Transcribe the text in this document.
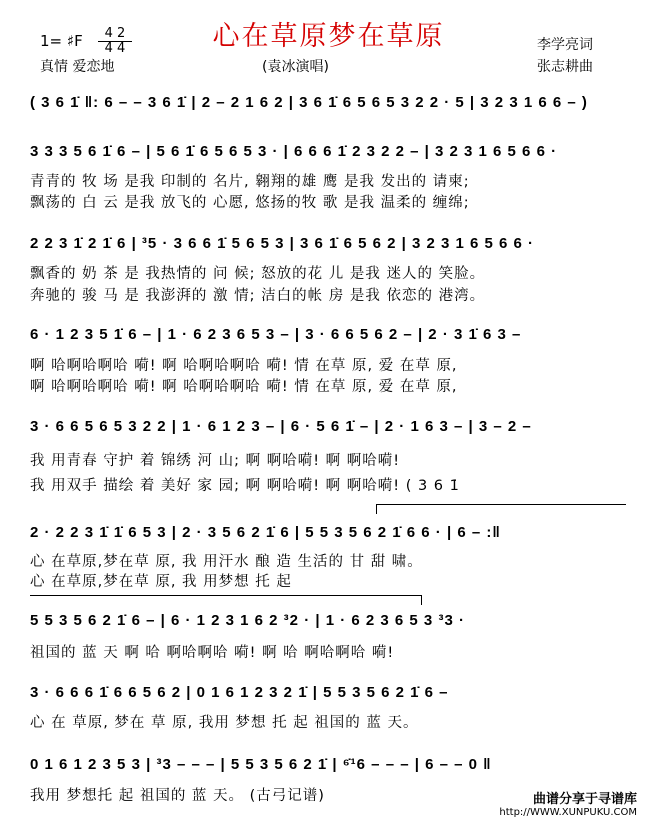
1= ♯F	4 2
4 4	心在草原梦在草原
真情 爱恋地	(袁冰演唱)
李学亮词
张志耕曲
( 3 6 1̇ ‖: 6 – – 3 6 1̇ | 2 – 2 1 6 2 | 3 6 1̇ 6 5 6 5 3 2 2 · 5 | 3 2 3 1 6 6 – )
3 3 3 5 6 1̇ 6 – | 5 6 1̇ 6 5 6 5 3 · | 6 6 6 1̇ 2 3 2 2 – | 3 2 3 1 6 5 6 6 ·
青青的 牧 场 是我 印制的 名片, 翱翔的雄 鹰 是我 发出的 请柬;
飘荡的 白 云 是我 放飞的 心愿, 悠扬的牧 歌 是我 温柔的 缠绵;
2 2 3 1̇ 2 1̇ 6 | ³5 · 3 6 6 1̇ 5 6 5 3 | 3 6 1̇ 6 5 6 2 | 3 2 3 1 6 5 6 6 ·
飘香的 奶 茶 是 我热情的 问 候; 怒放的花 儿 是我 迷人的 笑脸。
奔驰的 骏 马 是 我澎湃的 激 情; 洁白的帐 房 是我 依恋的 港湾。
6 · 1 2 3 5 1̇ 6 – | 1 · 6 2 3 6 5 3 – | 3 · 6 6 5 6 2 – | 2 · 3 1̇ 6 3 –
啊 哈啊哈啊哈 嗬! 啊 哈啊哈啊哈 嗬! 情 在草 原, 爱 在草 原,
啊 哈啊哈啊哈 嗬! 啊 哈啊哈啊哈 嗬! 情 在草 原, 爱 在草 原,
3 · 6 6 5 6 5 3 2 2 | 1 · 6 1 2 3 – | 6 · 5 6 1̇ – | 2 · 1 6 3 – | 3 – 2 –
我 用青春 守护 着 锦绣 河 山; 啊 啊哈嗬! 啊 啊哈嗬!
我 用双手 描绘 着 美好 家 园; 啊 啊哈嗬! 啊 啊哈嗬! ( 3 6 1̇
2 · 2 2 3 1̇ 1̇ 6 5 3 | 2 · 3 5 6 2 1̇ 6 | 5 5 3 5 6 2 1̇ 6 6 · | 6 – :‖
心 在草原,梦在草 原, 我 用汗水 酿 造 生活的 甘 甜 啸。
心 在草原,梦在草 原, 我 用梦想 托 起
5 5 3 5 6 2 1̇ 6 – | 6 · 1 2 3 1 6 2 ³2 · | 1 · 6 2 3 6 5 3 ³3 ·
祖国的 蓝 天 啊 哈 啊哈啊哈 嗬! 啊 哈 啊哈啊哈 嗬!
3 · 6 6 6 1̇ 6 6 5 6 2 | 0 1 6 1 2 3 2 1̇ | 5 5 3 5 6 2 1̇ 6 –
心 在 草原, 梦在 草 原, 我用 梦想 托 起 祖国的 蓝 天。
0 1 6 1 2 3 5 3 | ³3 – – – | 5 5 3 5 6 2 1̇ | ⁶̇¹6 – – – | 6 – – 0 ‖
我用 梦想托 起 祖国的 蓝 天。 (古弓记谱)	曲谱分享于寻谱库
http://WWW.XUNPUKU.COM
